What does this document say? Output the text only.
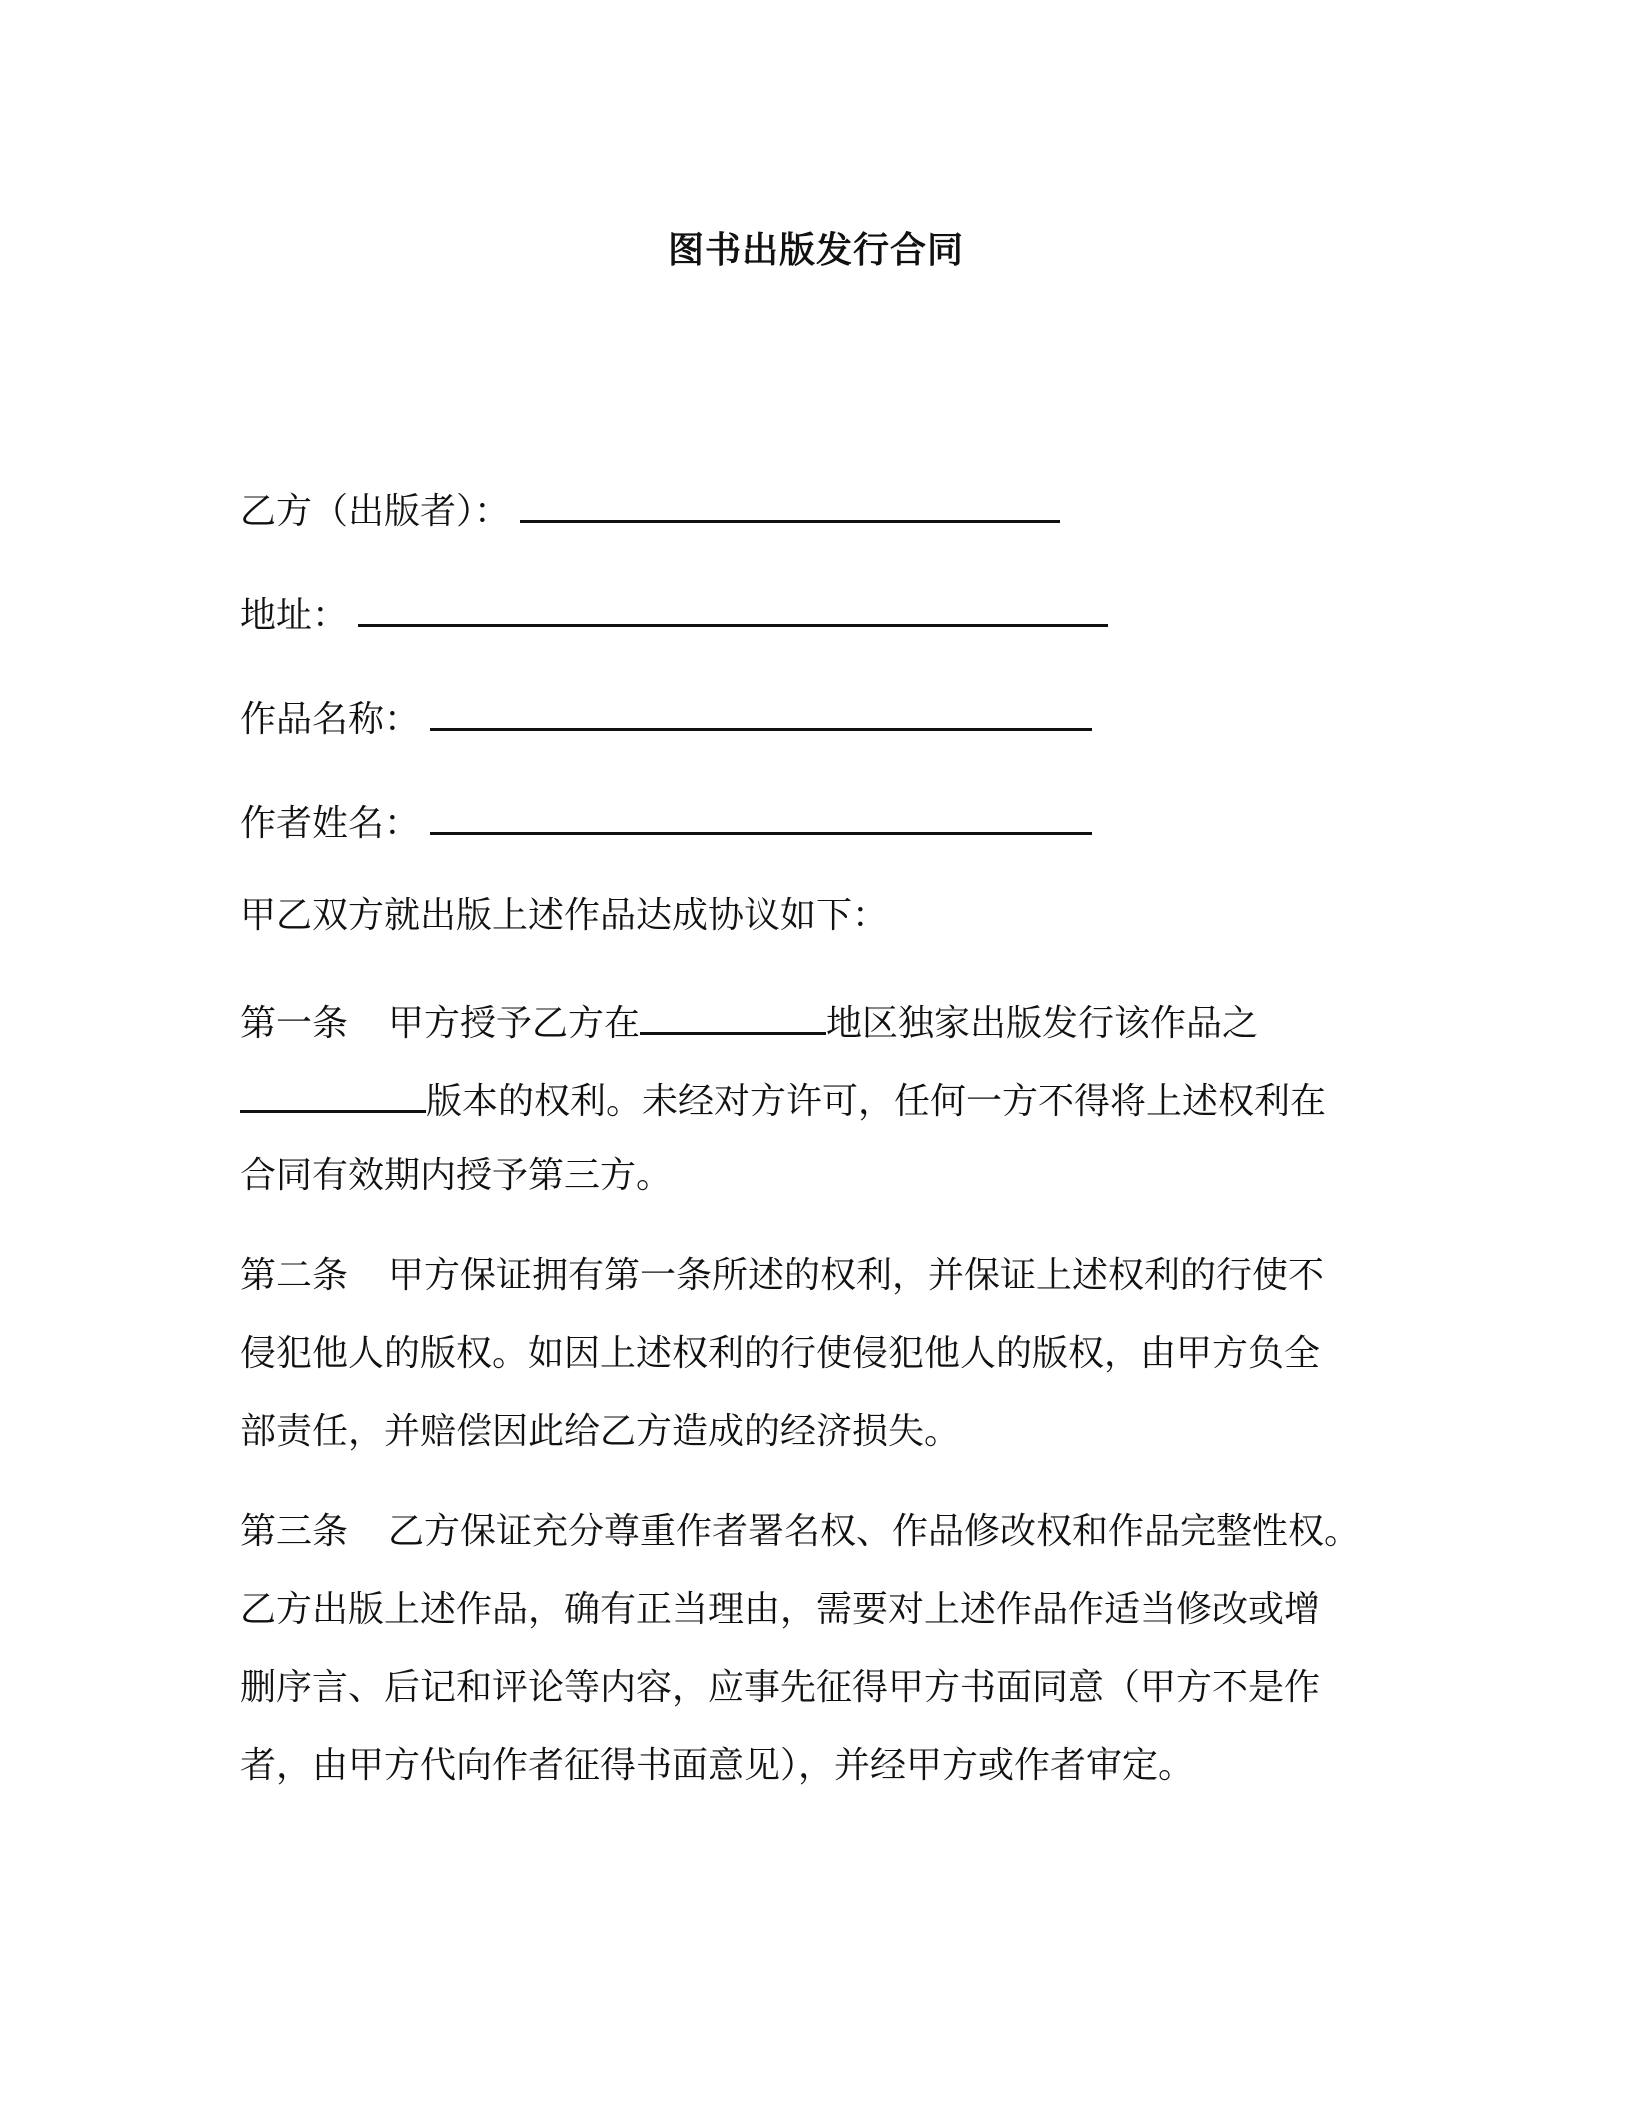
图书出版发行合同
乙方（出版者）：
地址：
作品名称：
作者姓名：
甲乙双方就出版上述作品达成协议如下：
第一条 甲方授予乙方在	地区独家出版发行该作品之
版本的权利。未经对方许可，任何一方不得将上述权利在
合同有效期内授予第三方。
第二条 甲方保证拥有第一条所述的权利，并保证上述权利的行使不
侵犯他人的版权。如因上述权利的行使侵犯他人的版权，由甲方负全
部责任，并赔偿因此给乙方造成的经济损失。
第三条 乙方保证充分尊重作者署名权、作品修改权和作品完整性权。
乙方出版上述作品，确有正当理由，需要对上述作品作适当修改或增
删序言、后记和评论等内容，应事先征得甲方书面同意（甲方不是作
者，由甲方代向作者征得书面意见），并经甲方或作者审定。
